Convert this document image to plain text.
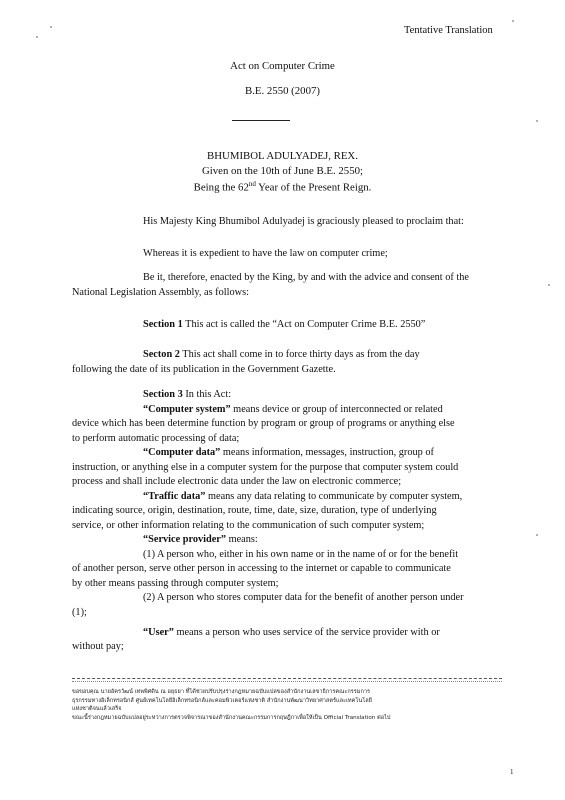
Tentative Translation
Act on Computer Crime
B.E. 2550 (2007)
BHUMIBOL ADULYADEJ, REX.
Given on the 10th of June B.E. 2550;
Being the 62nd Year of the Present Reign.
His Majesty King Bhumibol Adulyadej is graciously pleased to proclaim that:
Whereas it is expedient to have the law on computer crime;
Be it, therefore, enacted by the King, by and with the advice and consent of the
National Legislation Assembly, as follows:
Section 1 This act is called the “Act on Computer Crime B.E. 2550”
Secton 2 This act shall come in to force thirty days as from the day
following the date of its publication in the Government Gazette.
Section 3 In this Act:
“Computer system” means device or group of interconnected or related
device which has been determine function by program or group of programs or anything else
to perform automatic processing of data;
“Computer data” means information, messages, instruction, group of
instruction, or anything else in a computer system for the purpose that computer system could
process and shall include electronic data under the law on electronic commerce;
“Traffic data” means any data relating to communicate by computer system,
indicating source, origin, destination, route, time, date, size, duration, type of underlying
service, or other information relating to the communication of such computer system;
“Service provider” means:
(1) A person who, either in his own name or in the name of or for the benefit
of another person, serve other person in accessing to the internet or capable to communicate
by other means passing through computer system;
(2) A person who stores computer data for the benefit of another person under
(1);
“User” means a person who uses service of the service provider with or
without pay;
ขอขอบคุณ นายอัครวัฒน์ เทพพิศดิน ณ อยุธยา ที่ได้ช่วยปรับปรุงร่างกฎหมายฉบับแปลของสำนักงานเลขาธิการคณะกรรมการ
ธุรกรรมทางอิเล็กทรอนิกส์ ศูนย์เทคโนโลยีอิเล็กทรอนิกส์และคอมพิวเตอร์แห่งชาติ สำนักงานพัฒนาวิทยาศาสตร์และเทคโนโลยี
แห่งชาติจนแล้วเสร็จ
ขณะนี้ร่างกฎหมายฉบับแปลอยู่ระหว่างการตรวจพิจารณาของสำนักงานคณะกรรมการกฤษฎีกาเพื่อให้เป็น Official Translation ต่อไป
1
